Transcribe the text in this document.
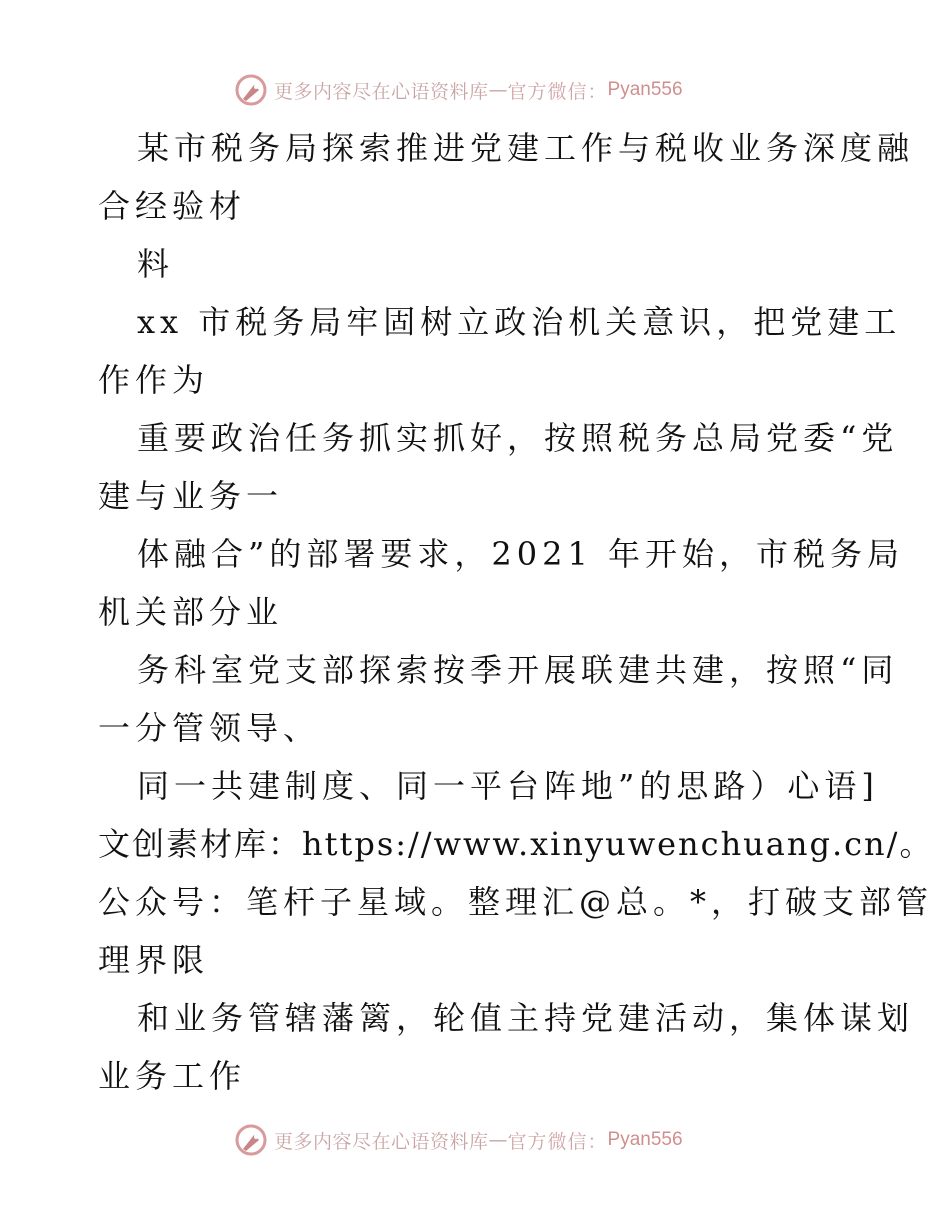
更多内容尽在心语资料库 — 官方微信： Pyan556
某市税务局探索推进党建工作与税收业务深度融
合经验材
料
xx 市税务局牢固树立政治机关意识，把党建工
作作为
重要政治任务抓实抓好，按照税务总局党委“党
建与业务一
体融合”的部署要求，2021 年开始，市税务局
机关部分业
务科室党支部探索按季开展联建共建，按照“同
一分管领导、
同一共建制度、同一平台阵地”的思路）心语]
文创素材库：https://www.xinyuwenchuang.cn/。
公众号：笔杆子星域。整理汇@总。*，打破支部管
理界限
和业务管辖藩篱，轮值主持党建活动，集体谋划
业务工作
更多内容尽在心语资料库 — 官方微信： Pyan556
